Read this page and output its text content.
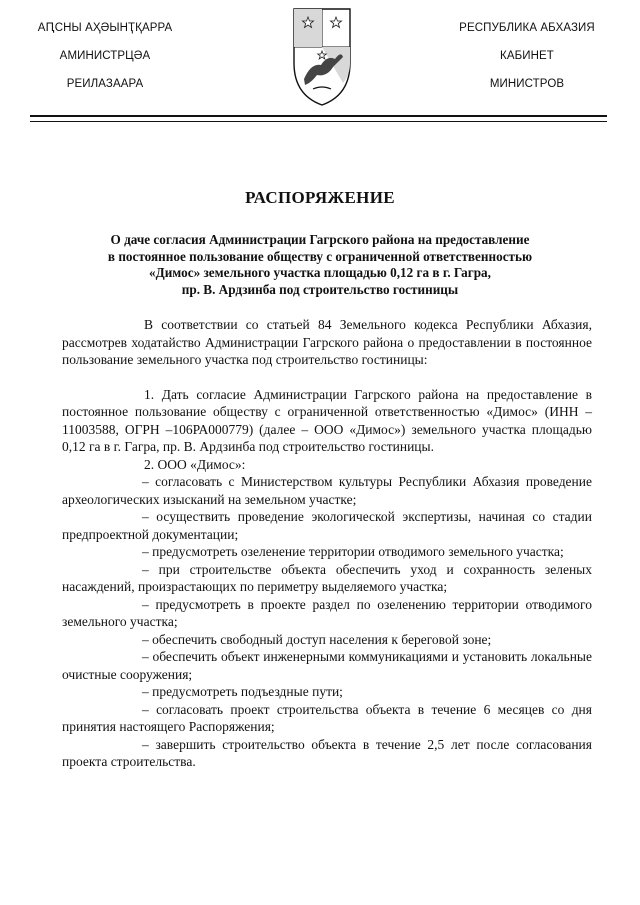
АԤСНЫ АҲӘЫНҬҚАРРА
АМИНИСТРЦӘА
РЕИЛАЗААРА
РЕСПУБЛИКА АБХАЗИЯ
КАБИНЕТ
МИНИСТРОВ
РАСПОРЯЖЕНИЕ
О даче согласия Администрации Гагрского района на предоставление
в постоянное пользование обществу с ограниченной ответственностью
«Димос» земельного участка площадью 0,12 га в г. Гагра,
пр. В. Ардзинба под строительство гостиницы

В соответствии со статьей 84 Земельного кодекса Республики Абхазия, рассмотрев ходатайство Администрации Гагрского района о предоставлении в постоянное пользование земельного участка под строительство гостиницы:

1. Дать согласие Администрации Гагрского района на предоставление в постоянное пользование обществу с ограниченной ответственностью «Димос» (ИНН – 11003588, ОГРН –106РА000779) (далее – ООО «Димос») земельного участка площадью 0,12 га в г. Гагра, пр. В. Ардзинба под строительство гостиницы.

2. ООО «Димос»:

– согласовать с Министерством культуры Республики Абхазия проведение археологических изысканий на земельном участке;

– осуществить проведение экологической экспертизы, начиная со стадии предпроектной документации;

– предусмотреть озеленение территории отводимого земельного участка;

– при строительстве объекта обеспечить уход и сохранность зеленых насаждений, произрастающих по периметру выделяемого участка;

– предусмотреть в проекте раздел по озеленению территории отводимого земельного участка;

– обеспечить свободный доступ населения к береговой зоне;

– обеспечить объект инженерными коммуникациями и установить локальные очистные сооружения;

– предусмотреть подъездные пути;

– согласовать проект строительства объекта в течение 6 месяцев со дня принятия настоящего Распоряжения;

– завершить строительство объекта в течение 2,5 лет после согласования проекта строительства.
